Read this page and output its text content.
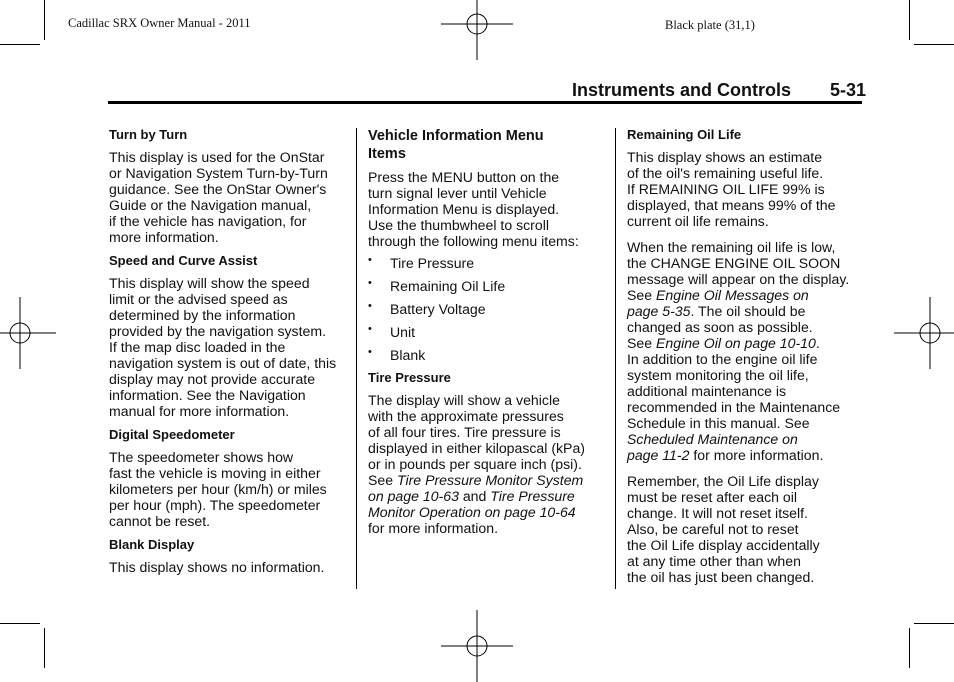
Cadillac SRX Owner Manual - 2011	Black plate (31,1)
Instruments and Controls 5-31
Turn by Turn

This display is used for the OnStar
or Navigation System Turn-by-Turn
guidance. See the OnStar Owner's
Guide or the Navigation manual,
if the vehicle has navigation, for
more information.

Speed and Curve Assist

This display will show the speed
limit or the advised speed as
determined by the information
provided by the navigation system.
If the map disc loaded in the
navigation system is out of date, this
display may not provide accurate
information. See the Navigation
manual for more information.

Digital Speedometer

The speedometer shows how
fast the vehicle is moving in either
kilometers per hour (km/h) or miles
per hour (mph). The speedometer
cannot be reset.

Blank Display

This display shows no information.

Vehicle Information Menu
Items

Press the MENU button on the
turn signal lever until Vehicle
Information Menu is displayed.
Use the thumbwheel to scroll
through the following menu items:

• Tire Pressure
• Remaining Oil Life
• Battery Voltage
• Unit
• Blank
Tire Pressure

The display will show a vehicle
with the approximate pressures
of all four tires. Tire pressure is
displayed in either kilopascal (kPa)
or in pounds per square inch (psi).
See Tire Pressure Monitor System
on page 10-63 and Tire Pressure
Monitor Operation on page 10-64
for more information.

Remaining Oil Life

This display shows an estimate
of the oil's remaining useful life.
If REMAINING OIL LIFE 99% is
displayed, that means 99% of the
current oil life remains.

When the remaining oil life is low,
the CHANGE ENGINE OIL SOON
message will appear on the display.
See Engine Oil Messages on
page 5-35. The oil should be
changed as soon as possible.
See Engine Oil on page 10-10.
In addition to the engine oil life
system monitoring the oil life,
additional maintenance is
recommended in the Maintenance
Schedule in this manual. See
Scheduled Maintenance on
page 11-2 for more information.

Remember, the Oil Life display
must be reset after each oil
change. It will not reset itself.
Also, be careful not to reset
the Oil Life display accidentally
at any time other than when
the oil has just been changed.
